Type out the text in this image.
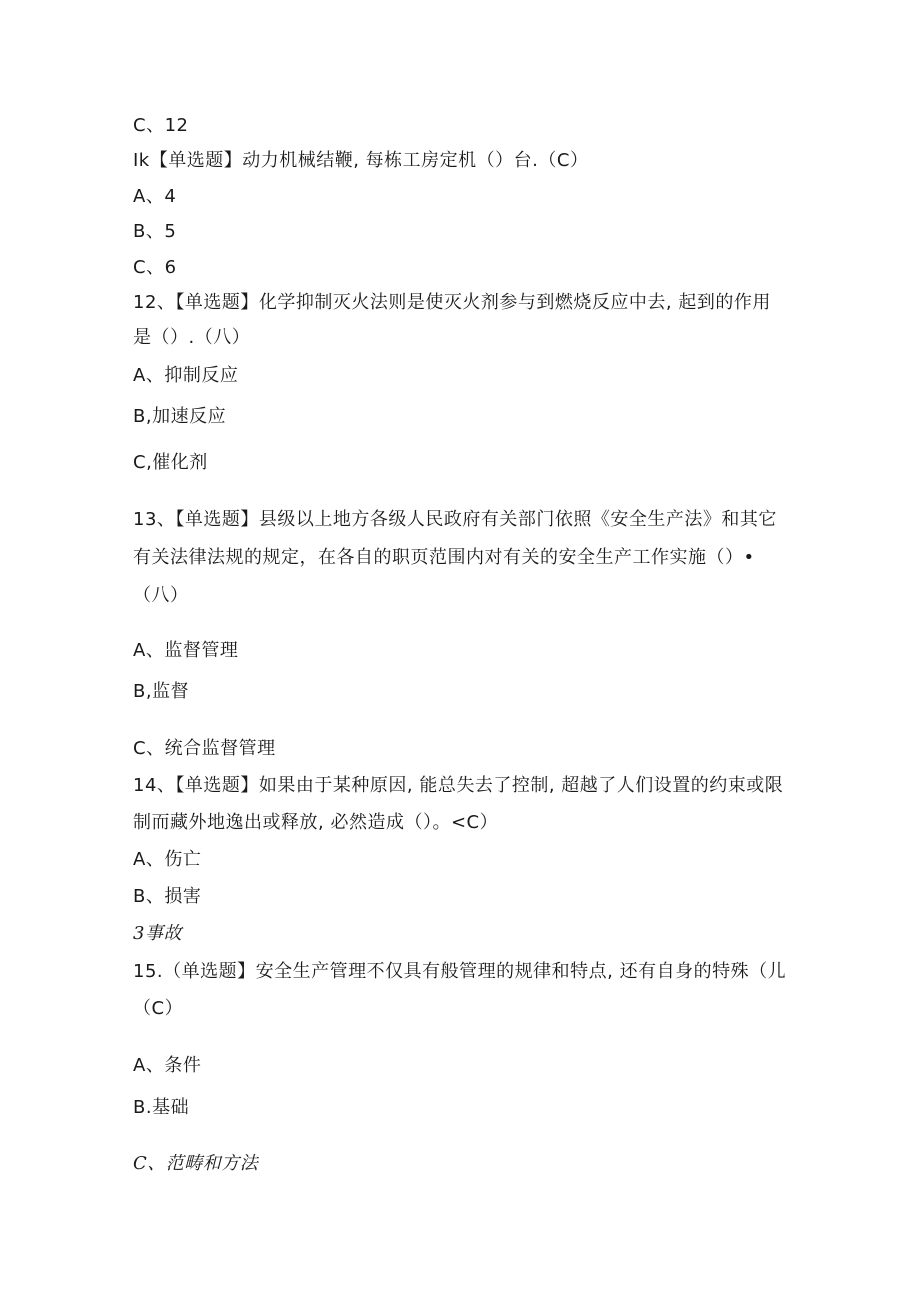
C、12
Ik【单选题】动力机械结鞭, 每栋工房定机（）台.（C）
A、4
B、5
C、6
12、【单选题】化学抑制灭火法则是使灭火剂参与到燃烧反应中去, 起到的作用
是（）.（八）
A、抑制反应
B,加速反应
C,催化剂
13、【单选题】县级以上地方各级人民政府有关部门依照《安全生产法》和其它
有关法律法规的规定，在各自的职页范围内对有关的安全生产工作实施（）•
（八）
A、监督管理
B,监督
C、统合监督管理
14、【单选题】如果由于某种原因, 能总失去了控制, 超越了人们设置的约束或限
制而藏外地逸出或释放, 必然造成（）。<C）
A、伤亡
B、损害
3事故
15.（单选题】安全生产管理不仅具有般管理的规律和特点, 还有自身的特殊（儿
（C）
A、条件
B.基础
C、范畴和方法
